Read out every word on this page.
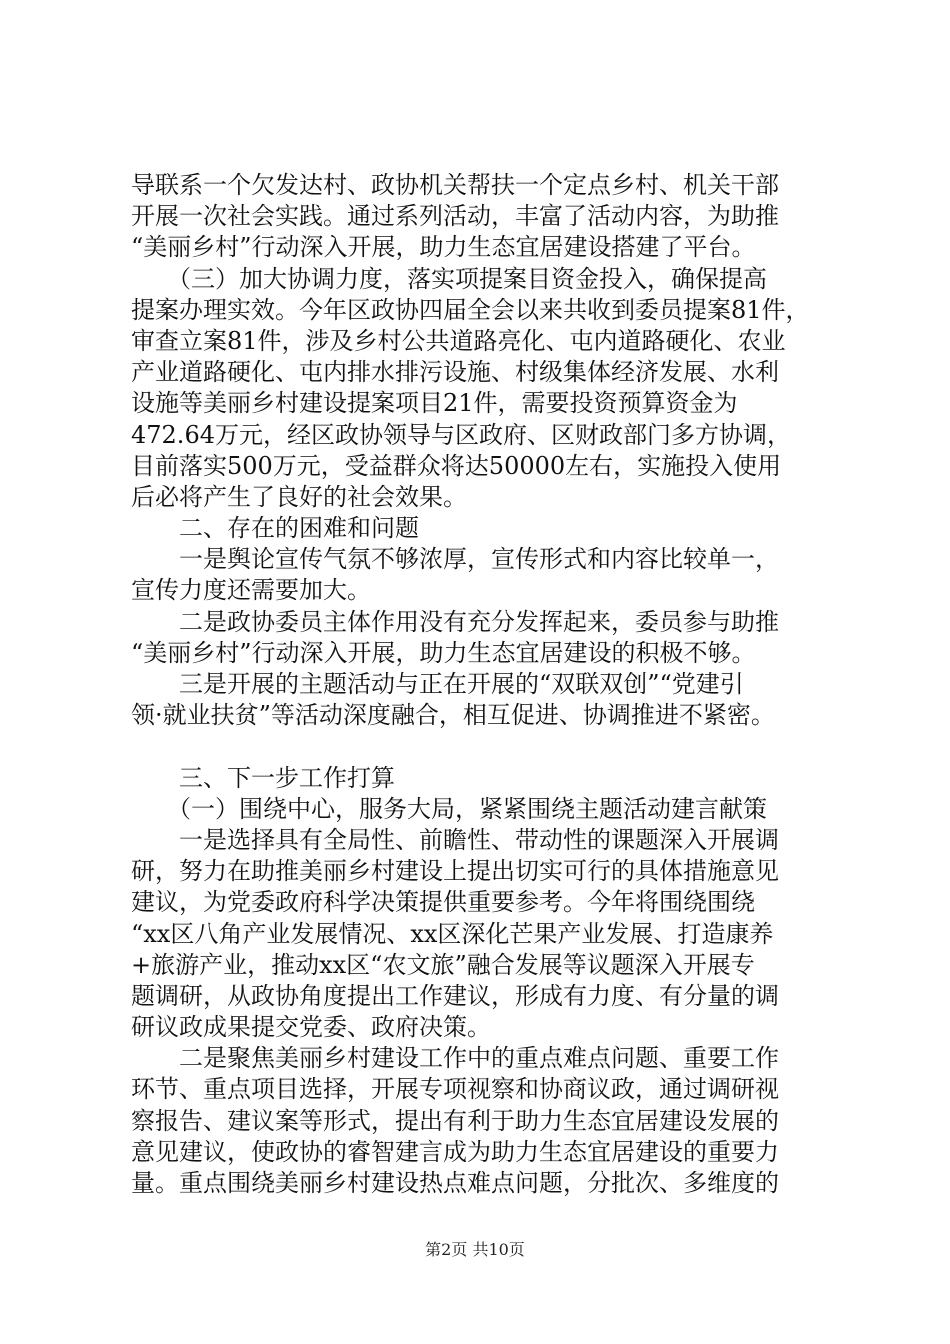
导联系一个欠发达村、政协机关帮扶一个定点乡村、机关干部
开展一次社会实践。通过系列活动，丰富了活动内容，为助推
“美丽乡村”行动深入开展，助力生态宜居建设搭建了平台。
　　（三）加大协调力度，落实项提案目资金投入，确保提高
提案办理实效。今年区政协四届全会以来共收到委员提案81件，
审查立案81件，涉及乡村公共道路亮化、屯内道路硬化、农业
产业道路硬化、屯内排水排污设施、村级集体经济发展、水利
设施等美丽乡村建设提案项目21件，需要投资预算资金为
472.64万元，经区政协领导与区政府、区财政部门多方协调，
目前落实500万元，受益群众将达50000左右，实施投入使用
后必将产生了良好的社会效果。
　　二、存在的困难和问题
　　一是舆论宣传气氛不够浓厚，宣传形式和内容比较单一，
宣传力度还需要加大。
　　二是政协委员主体作用没有充分发挥起来，委员参与助推
“美丽乡村”行动深入开展，助力生态宜居建设的积极不够。
　　三是开展的主题活动与正在开展的“双联双创”“党建引
领·就业扶贫”等活动深度融合，相互促进、协调推进不紧密。
　　三、下一步工作打算
　　（一）围绕中心，服务大局，紧紧围绕主题活动建言献策
　　一是选择具有全局性、前瞻性、带动性的课题深入开展调
研，努力在助推美丽乡村建设上提出切实可行的具体措施意见
建议，为党委政府科学决策提供重要参考。今年将围绕围绕
“xx区八角产业发展情况、xx区深化芒果产业发展、打造康养
+旅游产业，推动xx区“农文旅”融合发展等议题深入开展专
题调研，从政协角度提出工作建议，形成有力度、有分量的调
研议政成果提交党委、政府决策。
　　二是聚焦美丽乡村建设工作中的重点难点问题、重要工作
环节、重点项目选择，开展专项视察和协商议政，通过调研视
察报告、建议案等形式，提出有利于助力生态宜居建设发展的
意见建议，使政协的睿智建言成为助力生态宜居建设的重要力
量。重点围绕美丽乡村建设热点难点问题，分批次、多维度的
第2页 共10页
